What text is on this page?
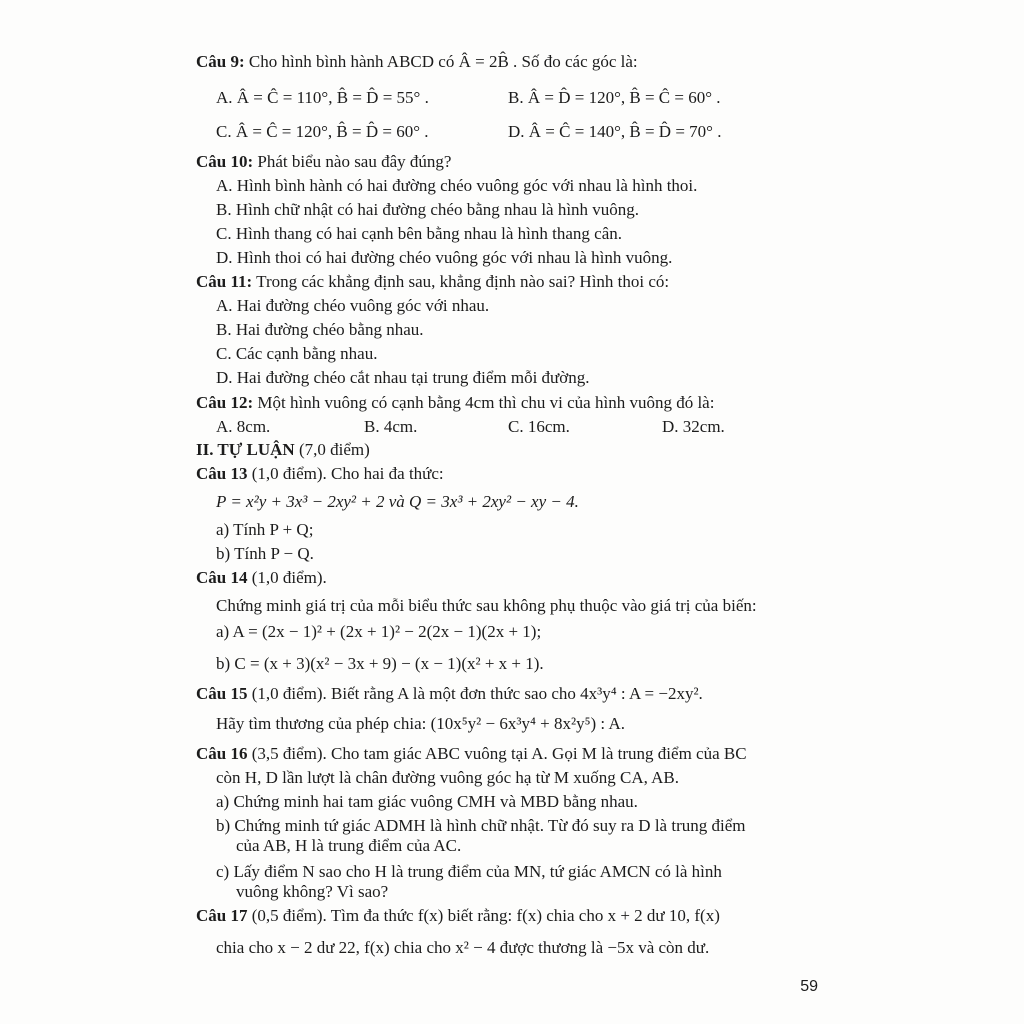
Câu 9: Cho hình bình hành ABCD có Â = 2B̂ . Số đo các góc là:
A. Â = Ĉ = 110°, B̂ = D̂ = 55° .	B. Â = D̂ = 120°, B̂ = Ĉ = 60° .
C. Â = Ĉ = 120°, B̂ = D̂ = 60° .	D. Â = Ĉ = 140°, B̂ = D̂ = 70° .
Câu 10: Phát biểu nào sau đây đúng?
A. Hình bình hành có hai đường chéo vuông góc với nhau là hình thoi.
B. Hình chữ nhật có hai đường chéo bằng nhau là hình vuông.
C. Hình thang có hai cạnh bên bằng nhau là hình thang cân.
D. Hình thoi có hai đường chéo vuông góc với nhau là hình vuông.
Câu 11: Trong các khẳng định sau, khẳng định nào sai? Hình thoi có:
A. Hai đường chéo vuông góc với nhau.
B. Hai đường chéo bằng nhau.
C. Các cạnh bằng nhau.
D. Hai đường chéo cắt nhau tại trung điểm mỗi đường.
Câu 12: Một hình vuông có cạnh bằng 4cm thì chu vi của hình vuông đó là:
A. 8cm.	B. 4cm.	C. 16cm.	D. 32cm.
II. TỰ LUẬN (7,0 điểm)
Câu 13 (1,0 điểm). Cho hai đa thức:
P = x²y + 3x³ − 2xy² + 2 và Q = 3x³ + 2xy² − xy − 4.
a) Tính P + Q;
b) Tính P − Q.
Câu 14 (1,0 điểm).
Chứng minh giá trị của mỗi biểu thức sau không phụ thuộc vào giá trị của biến:
a) A = (2x − 1)² + (2x + 1)² − 2(2x − 1)(2x + 1);
b) C = (x + 3)(x² − 3x + 9) − (x − 1)(x² + x + 1).
Câu 15 (1,0 điểm). Biết rằng A là một đơn thức sao cho 4x³y⁴ : A = −2xy².
Hãy tìm thương của phép chia: (10x⁵y² − 6x³y⁴ + 8x²y⁵) : A.
Câu 16 (3,5 điểm). Cho tam giác ABC vuông tại A. Gọi M là trung điểm của BC
còn H, D lần lượt là chân đường vuông góc hạ từ M xuống CA, AB.
a) Chứng minh hai tam giác vuông CMH và MBD bằng nhau.
b) Chứng minh tứ giác ADMH là hình chữ nhật. Từ đó suy ra D là trung điểm
của AB, H là trung điểm của AC.
c) Lấy điểm N sao cho H là trung điểm của MN, tứ giác AMCN có là hình
vuông không? Vì sao?
Câu 17 (0,5 điểm). Tìm đa thức f(x) biết rằng: f(x) chia cho x + 2 dư 10, f(x)
chia cho x − 2 dư 22, f(x) chia cho x² − 4 được thương là −5x và còn dư.
59
